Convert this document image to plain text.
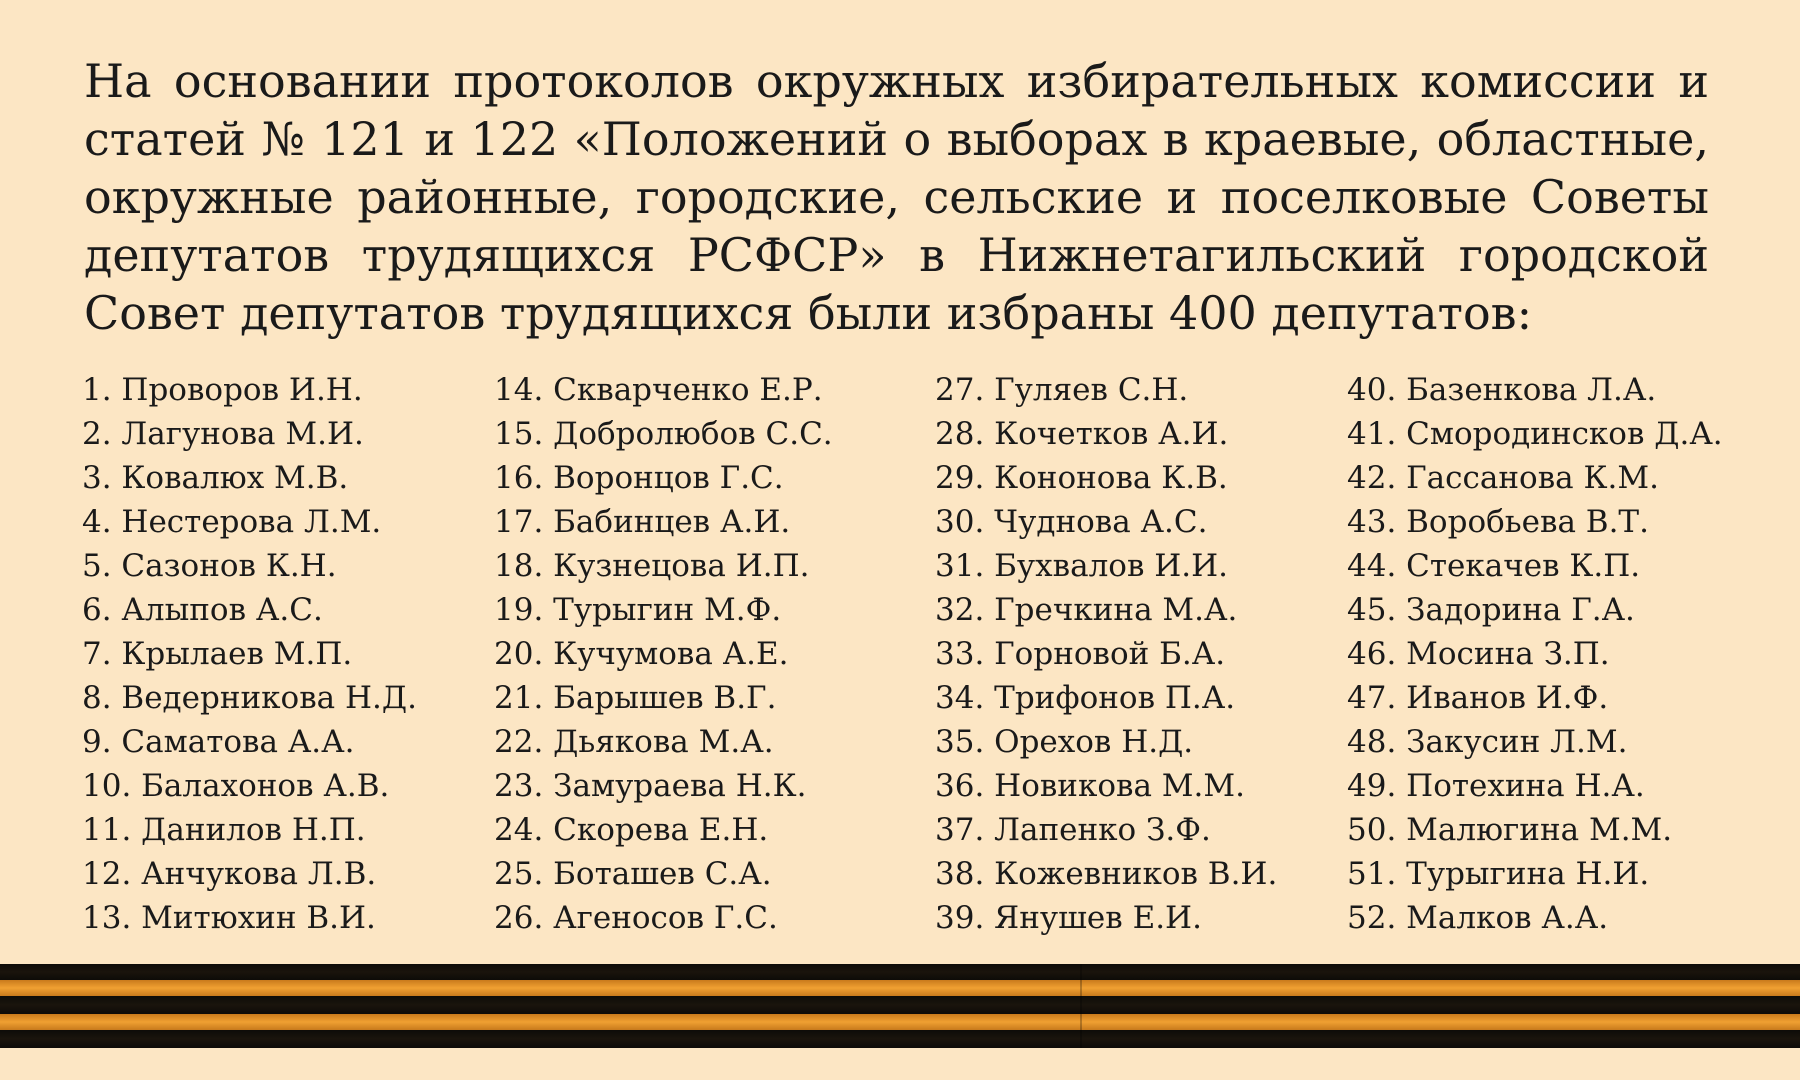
На основании протоколов окружных избирательных комиссии и статей № 121 и 122 «Положений о выборах в краевые, областные, окружные районные, городские, сельские и поселковые Советы депутатов трудящихся РСФСР» в Нижнетагильский городской Совет депутатов трудящихся были избраны 400 депутатов:

1. Проворов И.Н.
2. Лагунова М.И.
3. Ковалюх М.В.
4. Нестерова Л.М.
5. Сазонов К.Н.
6. Алыпов А.С.
7. Крылаев М.П.
8. Ведерникова Н.Д.
9. Саматова А.А.
10. Балахонов А.В.
11. Данилов Н.П.
12. Анчукова Л.В.
13. Митюхин В.И.
14. Скварченко Е.Р.
15. Добролюбов С.С.
16. Воронцов Г.С.
17. Бабинцев А.И.
18. Кузнецова И.П.
19. Турыгин М.Ф.
20. Кучумова А.Е.
21. Барышев В.Г.
22. Дьякова М.А.
23. Замураева Н.К.
24. Скорева Е.Н.
25. Боташев С.А.
26. Агеносов Г.С.
27. Гуляев С.Н.
28. Кочетков А.И.
29. Кононова К.В.
30. Чуднова А.С.
31. Бухвалов И.И.
32. Гречкина М.А.
33. Горновой Б.А.
34. Трифонов П.А.
35. Орехов Н.Д.
36. Новикова М.М.
37. Лапенко З.Ф.
38. Кожевников В.И.
39. Янушев Е.И.
40. Базенкова Л.А.
41. Смородинсков Д.А.
42. Гассанова К.М.
43. Воробьева В.Т.
44. Стекачев К.П.
45. Задорина Г.А.
46. Мосина З.П.
47. Иванов И.Ф.
48. Закусин Л.М.
49. Потехина Н.А.
50. Малюгина М.М.
51. Турыгина Н.И.
52. Малков А.А.
